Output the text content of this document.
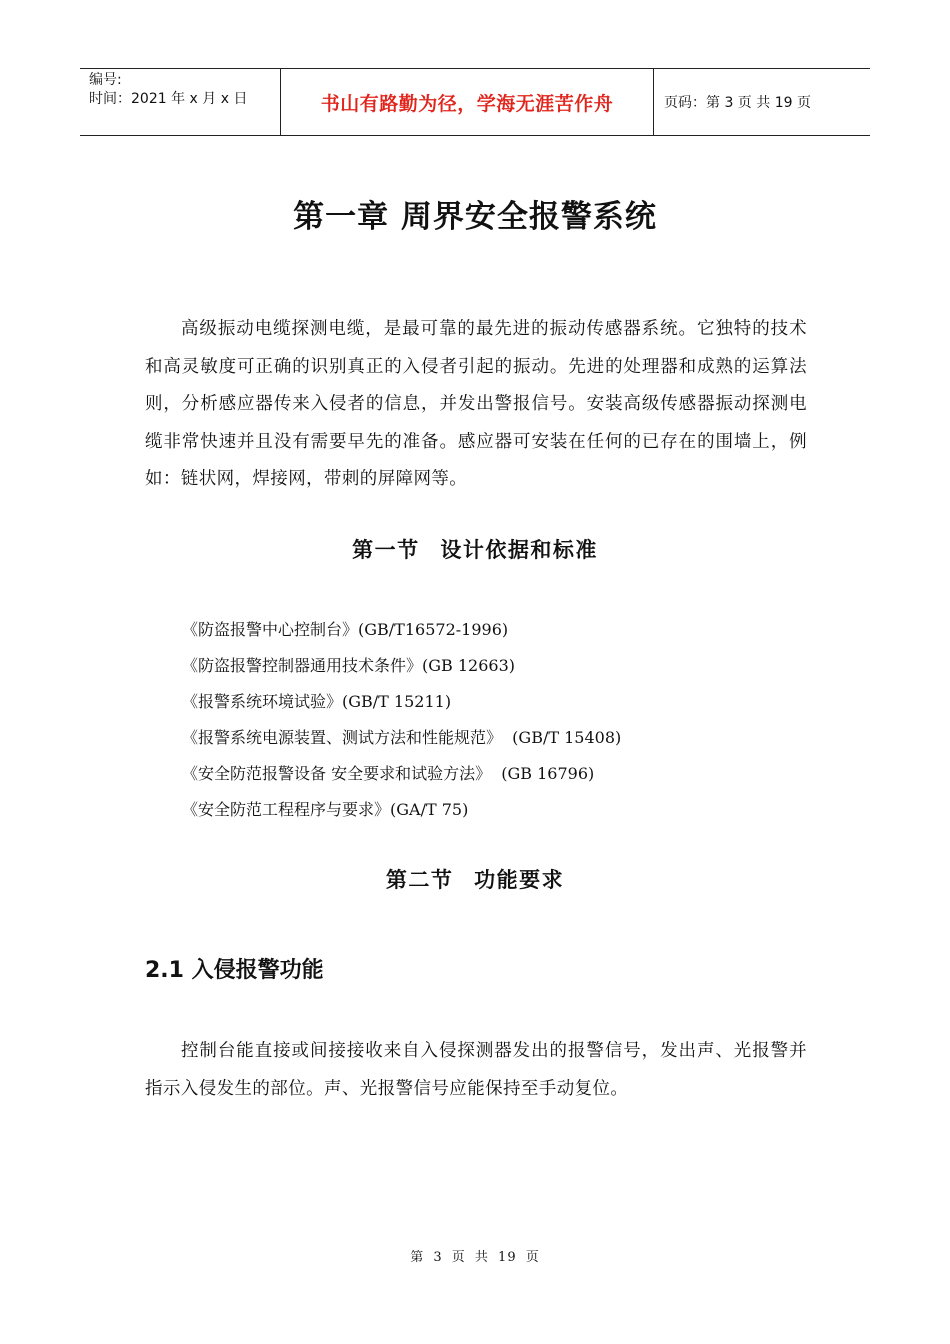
编号:
时间：2021 年 x 月 x 日	书山有路勤为径，学海无涯苦作舟	页码：第 3 页 共 19 页
第一章 周界安全报警系统
高级振动电缆探测电缆，是最可靠的最先进的振动传感器系统。它独特的技术和高灵敏度可正确的识别真正的入侵者引起的振动。先进的处理器和成熟的运算法则，分析感应器传来入侵者的信息，并发出警报信号。安装高级传感器振动探测电缆非常快速并且没有需要早先的准备。感应器可安装在任何的已存在的围墙上，例如：链状网，焊接网，带刺的屏障网等。
第一节 设计依据和标准
《防盗报警中心控制台》(GB/T16572-1996)
《防盗报警控制器通用技术条件》(GB 12663)
《报警系统环境试验》(GB/T 15211)
《报警系统电源装置、测试方法和性能规范》  (GB/T 15408)
《安全防范报警设备 安全要求和试验方法》  (GB 16796)
《安全防范工程程序与要求》(GA/T 75)
第二节 功能要求
2.1 入侵报警功能
控制台能直接或间接接收来自入侵探测器发出的报警信号，发出声、光报警并指示入侵发生的部位。声、光报警信号应能保持至手动复位。
第 3 页 共 19 页
